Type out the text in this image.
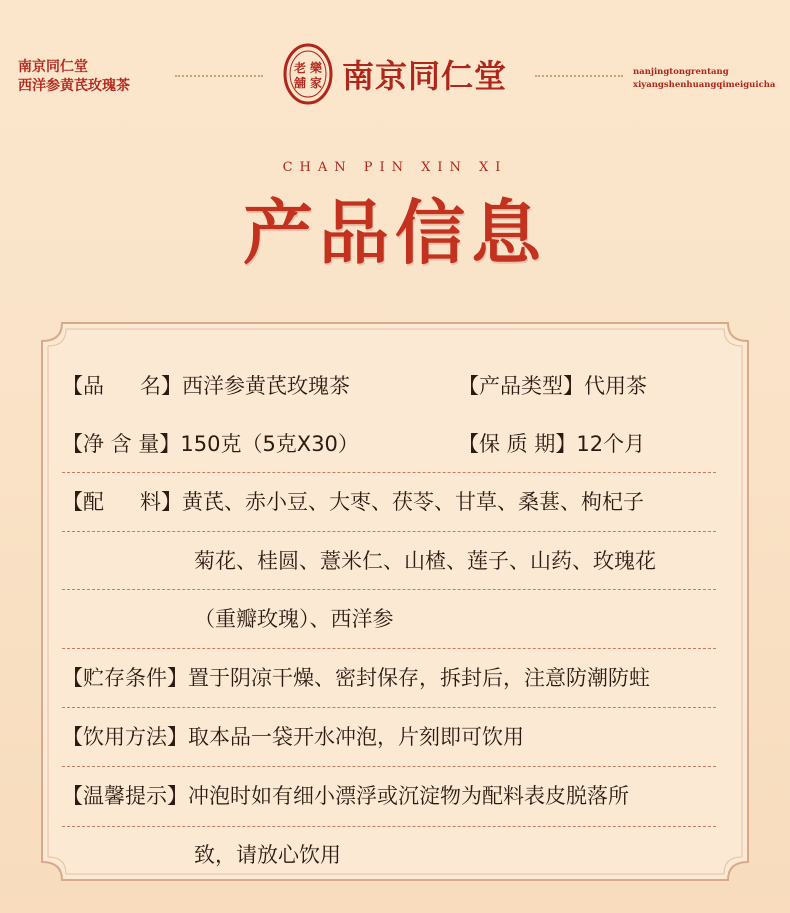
南京同仁堂
西洋参黄芪玫瑰茶
老 樂
舖 家 南京同仁堂	nanjingtongrentang
xiyangshenhuangqimeiguicha
CHAN PIN XIN XI
产品信息
【品 名】西洋参黄芪玫瑰茶	【产品类型】代用茶
【净 含 量】150克（5克X30）	【保 质 期】12个月
【配 料】黄芪、赤小豆、大枣、茯苓、甘草、桑葚、枸杞子
菊花、桂圆、薏米仁、山楂、莲子、山药、玫瑰花
（重瓣玫瑰）、西洋参
【贮存条件】置于阴凉干燥、密封保存，拆封后，注意防潮防蛀
【饮用方法】取本品一袋开水冲泡，片刻即可饮用
【温馨提示】冲泡时如有细小漂浮或沉淀物为配料表皮脱落所
致，请放心饮用
